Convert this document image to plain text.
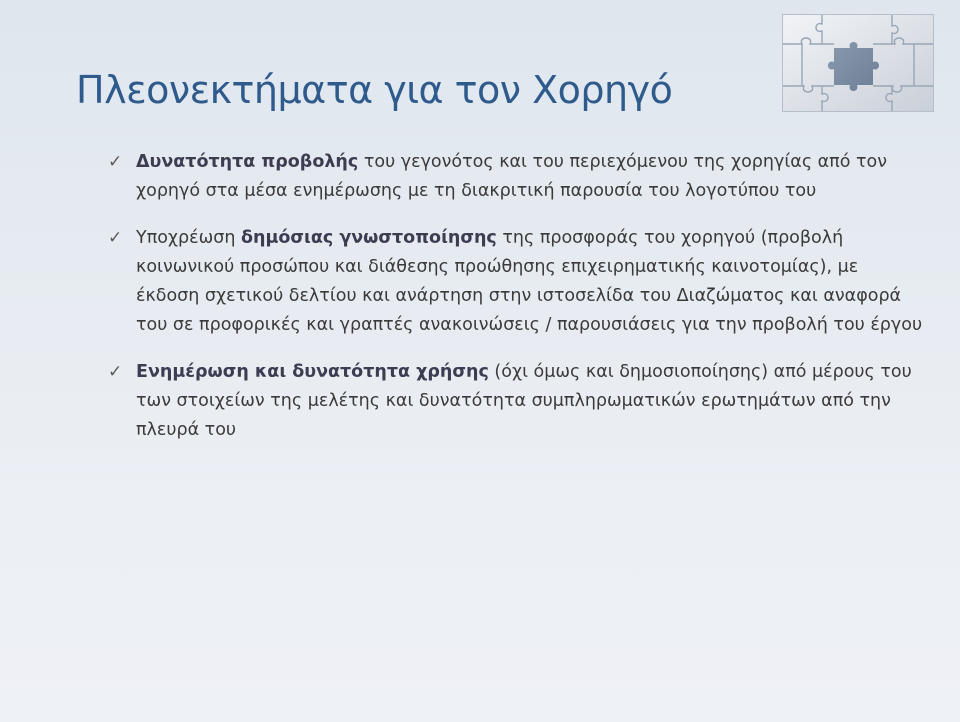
Πλεονεκτήματα για τον Χορηγό
✓ Δυνατότητα προβολής του γεγονότος και του περιεχόμενου της χορηγίας από τον χορηγό στα μέσα ενημέρωσης με τη διακριτική παρουσία του λογοτύπου του
✓ Υποχρέωση δημόσιας γνωστοποίησης της προσφοράς του χορηγού (προβολή κοινωνικού προσώπου και διάθεσης προώθησης επιχειρηματικής καινοτομίας), με έκδοση σχετικού δελτίου και ανάρτηση στην ιστοσελίδα του Διαζώματος και αναφορά του σε προφορικές και γραπτές ανακοινώσεις / παρουσιάσεις για την προβολή του έργου
✓ Ενημέρωση και δυνατότητα χρήσης (όχι όμως και δημοσιοποίησης) από μέρους του των στοιχείων της μελέτης και δυνατότητα συμπληρωματικών ερωτημάτων από την πλευρά του
